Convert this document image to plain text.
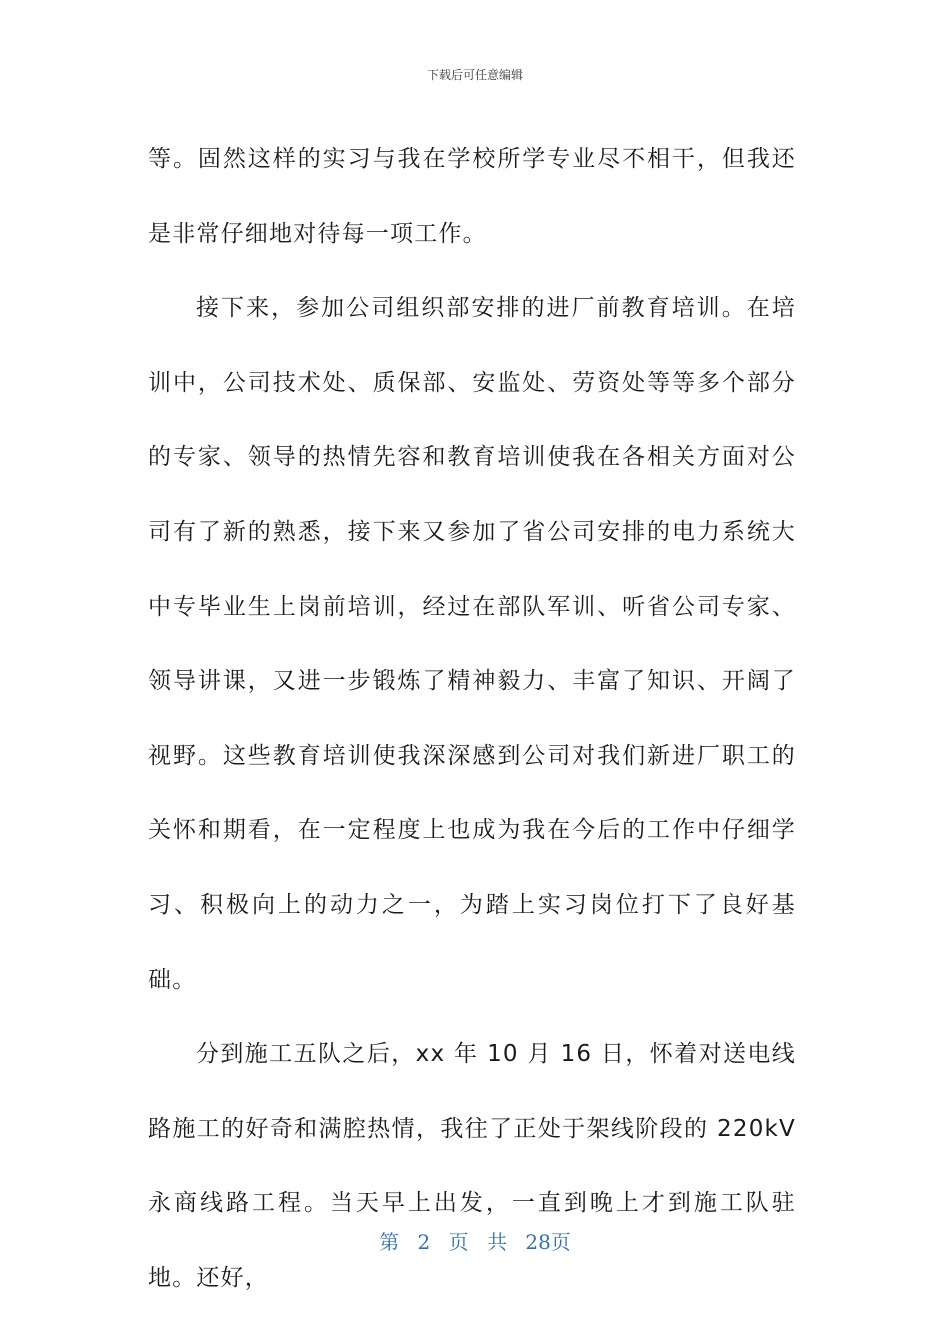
下载后可任意编辑

等。固然这样的实习与我在学校所学专业尽不相干，但我还是非常仔细地对待每一项工作。

接下来，参加公司组织部安排的进厂前教育培训。在培训中，公司技术处、质保部、安监处、劳资处等等多个部分的专家、领导的热情先容和教育培训使我在各相关方面对公司有了新的熟悉，接下来又参加了省公司安排的电力系统大中专毕业生上岗前培训，经过在部队军训、听省公司专家、领导讲课，又进一步锻炼了精神毅力、丰富了知识、开阔了视野。这些教育培训使我深深感到公司对我们新进厂职工的关怀和期看，在一定程度上也成为我在今后的工作中仔细学习、积极向上的动力之一，为踏上实习岗位打下了良好基础。

分到施工五队之后，xx 年 10 月 16 日，怀着对送电线路施工的好奇和满腔热情，我往了正处于架线阶段的 220kV 永商线路工程。当天早上出发，一直到晚上才到施工队驻地。还好，

第 2 页 共 28页
